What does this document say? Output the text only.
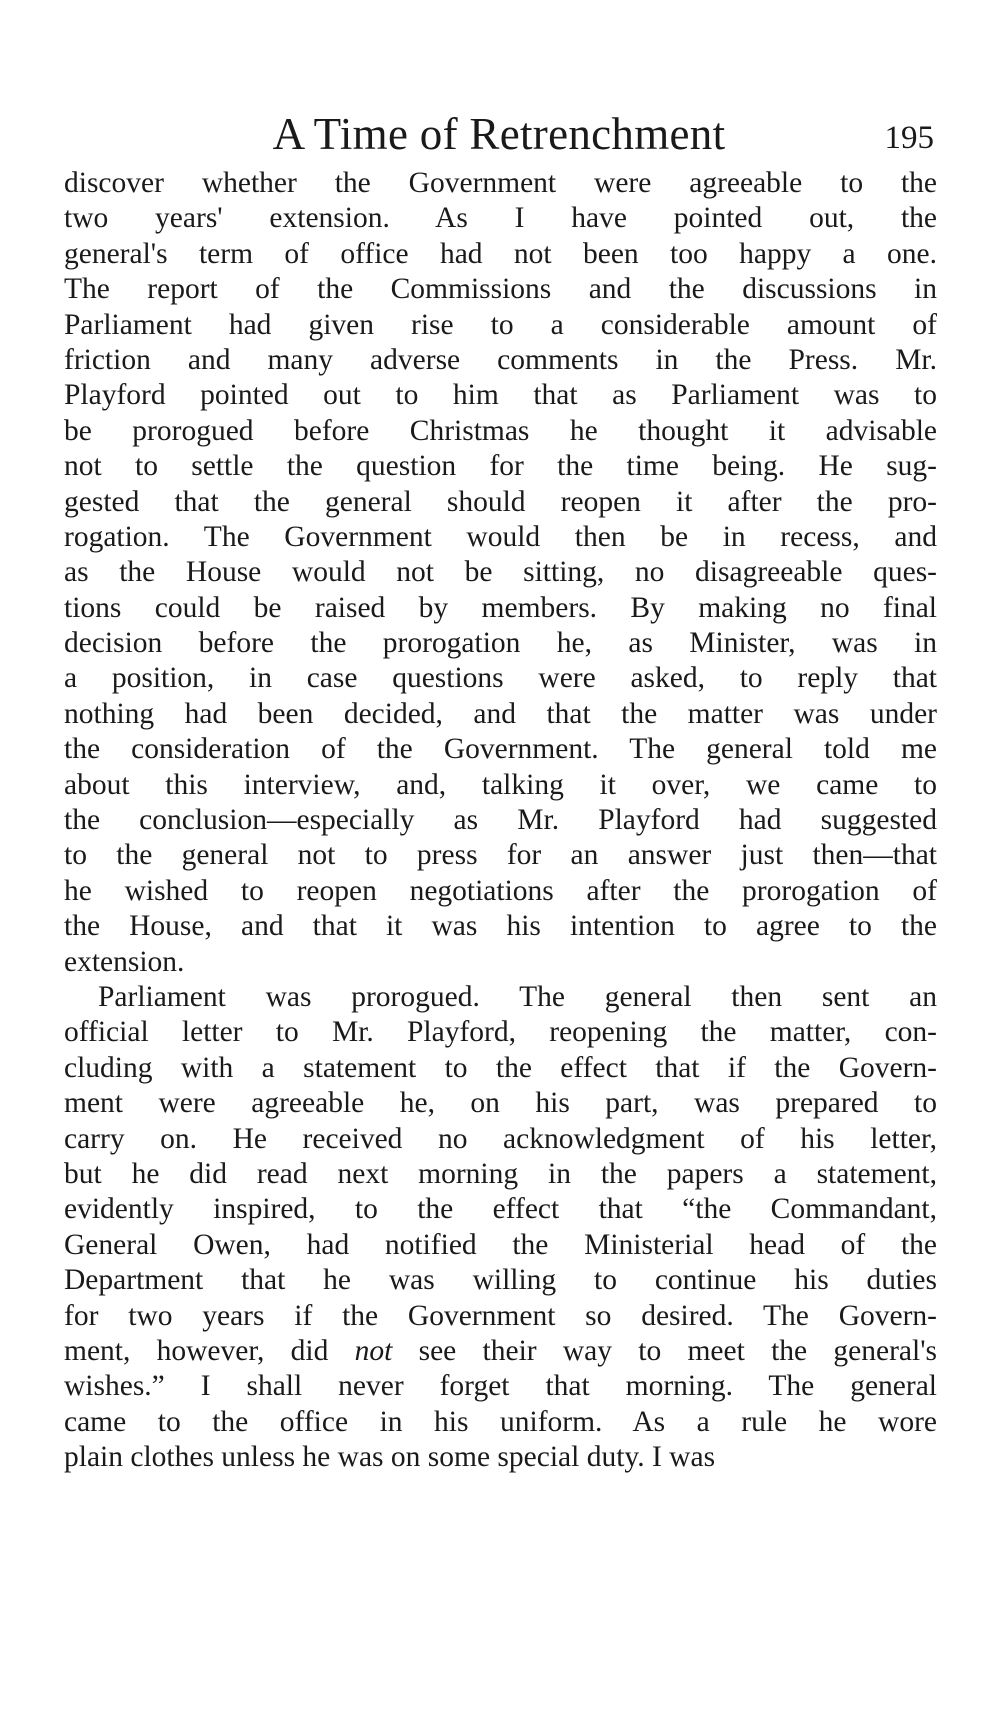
A Time of Retrenchment	195
discover whether the Government were agreeable to the
two years' extension. As I have pointed out, the
general's term of office had not been too happy a one.
The report of the Commissions and the discussions in
Parliament had given rise to a considerable amount of
friction and many adverse comments in the Press. Mr.
Playford pointed out to him that as Parliament was to
be prorogued before Christmas he thought it advisable
not to settle the question for the time being. He sug-
gested that the general should reopen it after the pro-
rogation. The Government would then be in recess, and
as the House would not be sitting, no disagreeable ques-
tions could be raised by members. By making no final
decision before the prorogation he, as Minister, was in
a position, in case questions were asked, to reply that
nothing had been decided, and that the matter was under
the consideration of the Government. The general told me
about this interview, and, talking it over, we came to
the conclusion—especially as Mr. Playford had suggested
to the general not to press for an answer just then—that
he wished to reopen negotiations after the prorogation of
the House, and that it was his intention to agree to the
extension.
Parliament was prorogued. The general then sent an
official letter to Mr. Playford, reopening the matter, con-
cluding with a statement to the effect that if the Govern-
ment were agreeable he, on his part, was prepared to
carry on. He received no acknowledgment of his letter,
but he did read next morning in the papers a statement,
evidently inspired, to the effect that “the Commandant,
General Owen, had notified the Ministerial head of the
Department that he was willing to continue his duties
for two years if the Government so desired. The Govern-
ment, however, did not see their way to meet the general's
wishes.” I shall never forget that morning. The general
came to the office in his uniform. As a rule he wore
plain clothes unless he was on some special duty. I was
